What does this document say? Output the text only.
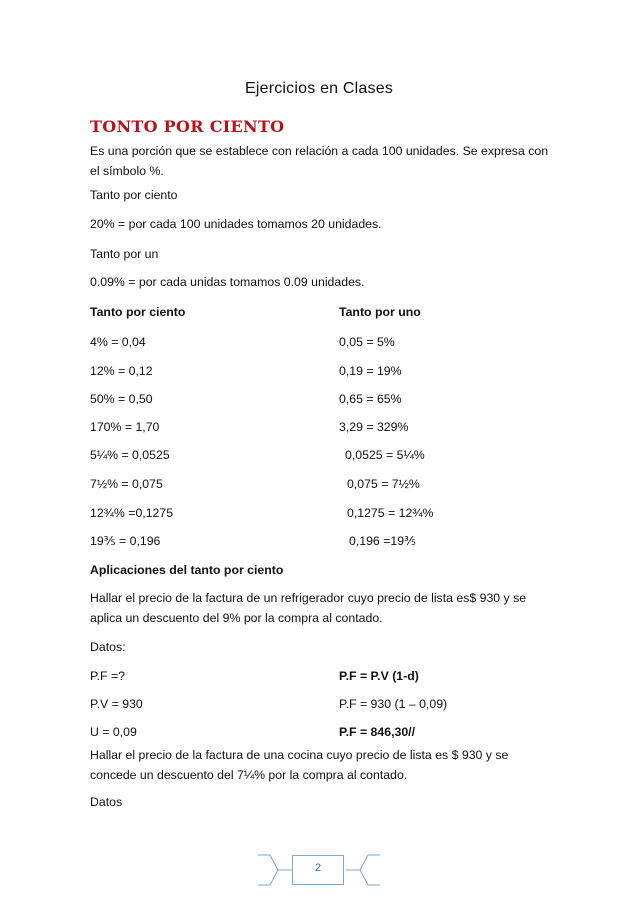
Ejercicios en Clases
TONTO POR CIENTO
Es una porción que se establece con relación a cada 100 unidades. Se expresa con el símbolo %.
Tanto por ciento
20% = por cada 100 unidades tomamos 20 unidades.
Tanto por un
0.09% = por cada unidas tomamos 0.09 unidades.
Tanto por ciento	Tanto por uno
4% = 0,04	0,05 = 5%
12% = 0,12	0,19 = 19%
50% = 0,50	0,65 = 65%
170% = 1,70	3,29 = 329%
5¼% = 0,0525	0,0525 = 5¼%
7½% = 0,075	0,075 = 7½%
12¾% =0,1275	0,1275 = 12¾%
19⅗ = 0,196	0,196 =19⅗
Aplicaciones del tanto por ciento
Hallar el precio de la factura de un refrigerador cuyo precio de lista es$ 930 y se aplica un descuento del 9% por la compra al contado.
Datos:
P.F =?	P.F = P.V (1-d)
P.V = 930	P.F = 930 (1 – 0,09)
U = 0,09	P.F = 846,30//
Hallar el precio de la factura de una cocina cuyo precio de lista es $ 930 y se concede un descuento del 7¼% por la compra al contado.
Datos
2
